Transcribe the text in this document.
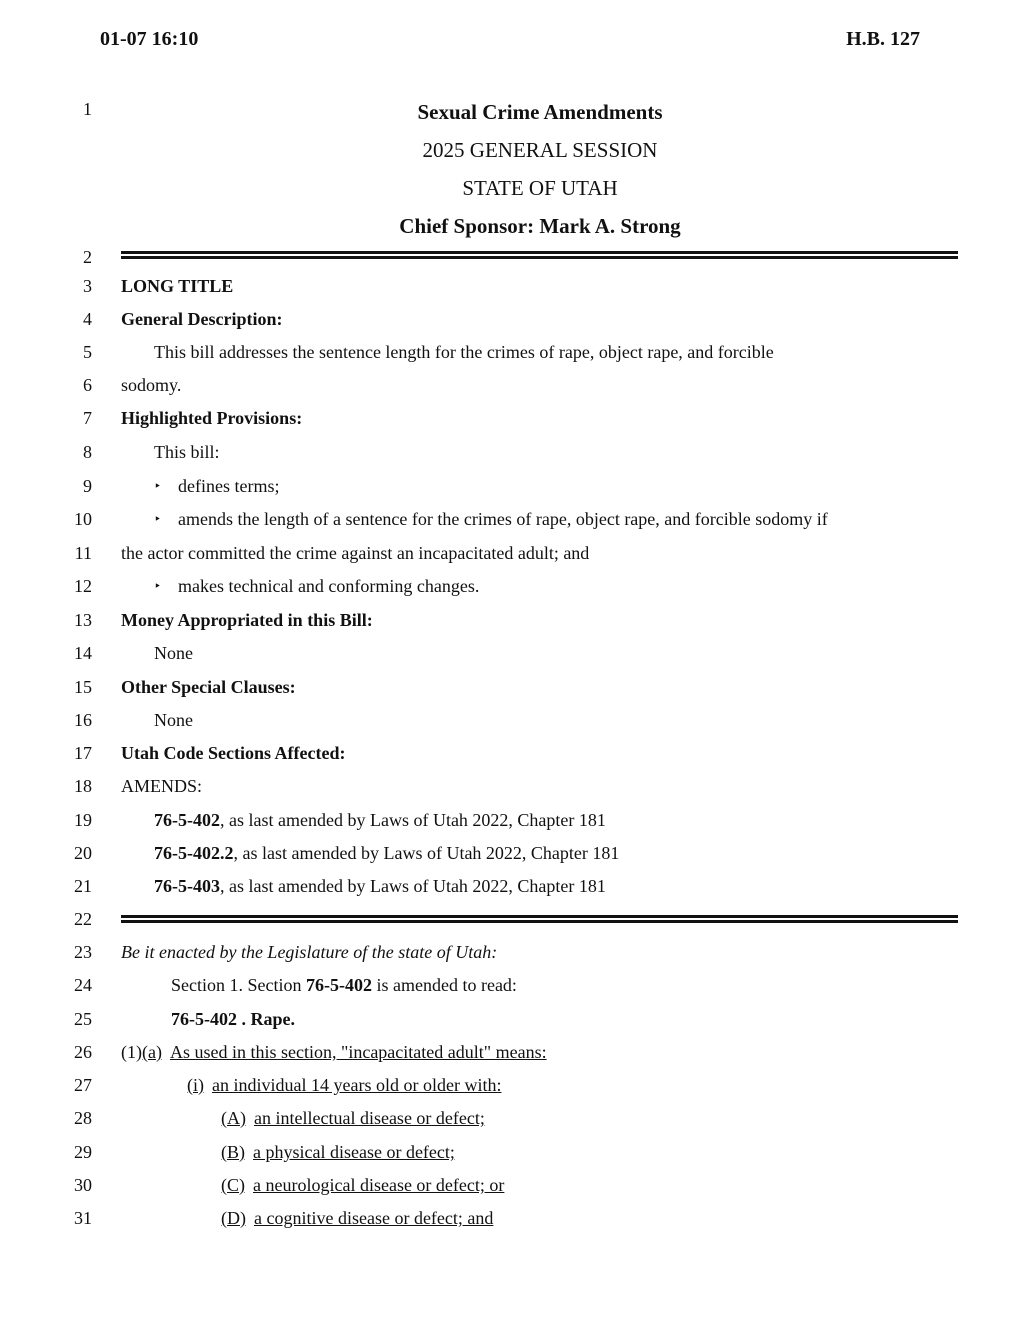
01-07 16:10	H.B. 127
1
2
3
4
5
6
7
8
9
10
11
12
13
14
15
16
17
18
19
20
21
22
23
24
25
26
27
28
29
30
31
Sexual Crime Amendments
2025 GENERAL SESSION
STATE OF UTAH
Chief Sponsor: Mark A. Strong
LONG TITLE
General Description:
This bill addresses the sentence length for the crimes of rape, object rape, and forcible
sodomy.
Highlighted Provisions:
This bill:
‣ defines terms;
‣ amends the length of a sentence for the crimes of rape, object rape, and forcible sodomy if
the actor committed the crime against an incapacitated adult; and
‣ makes technical and conforming changes.
Money Appropriated in this Bill:
None
Other Special Clauses:
None
Utah Code Sections Affected:
AMENDS:
76-5-402, as last amended by Laws of Utah 2022, Chapter 181
76-5-402.2, as last amended by Laws of Utah 2022, Chapter 181
76-5-403, as last amended by Laws of Utah 2022, Chapter 181
Be it enacted by the Legislature of the state of Utah:
Section 1. Section 76-5-402 is amended to read:
76-5-402 . Rape.
(1)(a) As used in this section, "incapacitated adult" means:
(i) an individual 14 years old or older with:
(A) an intellectual disease or defect;
(B) a physical disease or defect;
(C) a neurological disease or defect; or
(D) a cognitive disease or defect; and
